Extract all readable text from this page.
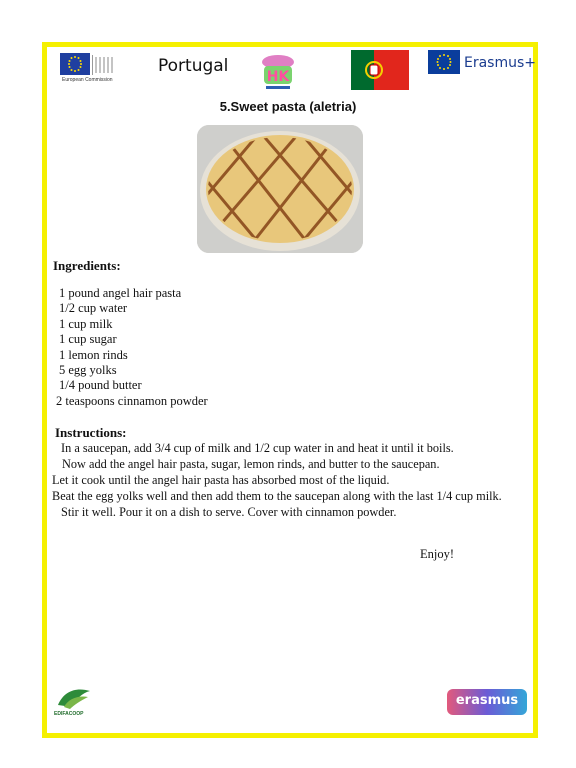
European Commission
Portugal
HK
Erasmus+
5.Sweet pasta (aletria)
Ingredients:
1 pound angel hair pasta
1/2 cup water
1 cup milk
1 cup sugar
1 lemon rinds
5 egg yolks
1/4 pound butter
2 teaspoons cinnamon powder
Instructions:
In a saucepan, add 3/4 cup of milk and 1/2 cup water in and heat it until it boils.
Now add the angel hair pasta, sugar, lemon rinds, and butter to the saucepan.
Let it cook until the angel hair pasta has absorbed most of the liquid.
Beat the egg yolks well and then add them to the saucepan along with the last 1/4 cup milk.
Stir it well. Pour it on a dish to serve. Cover with cinnamon powder.
Enjoy!
EDIFACOOP
erasmus
